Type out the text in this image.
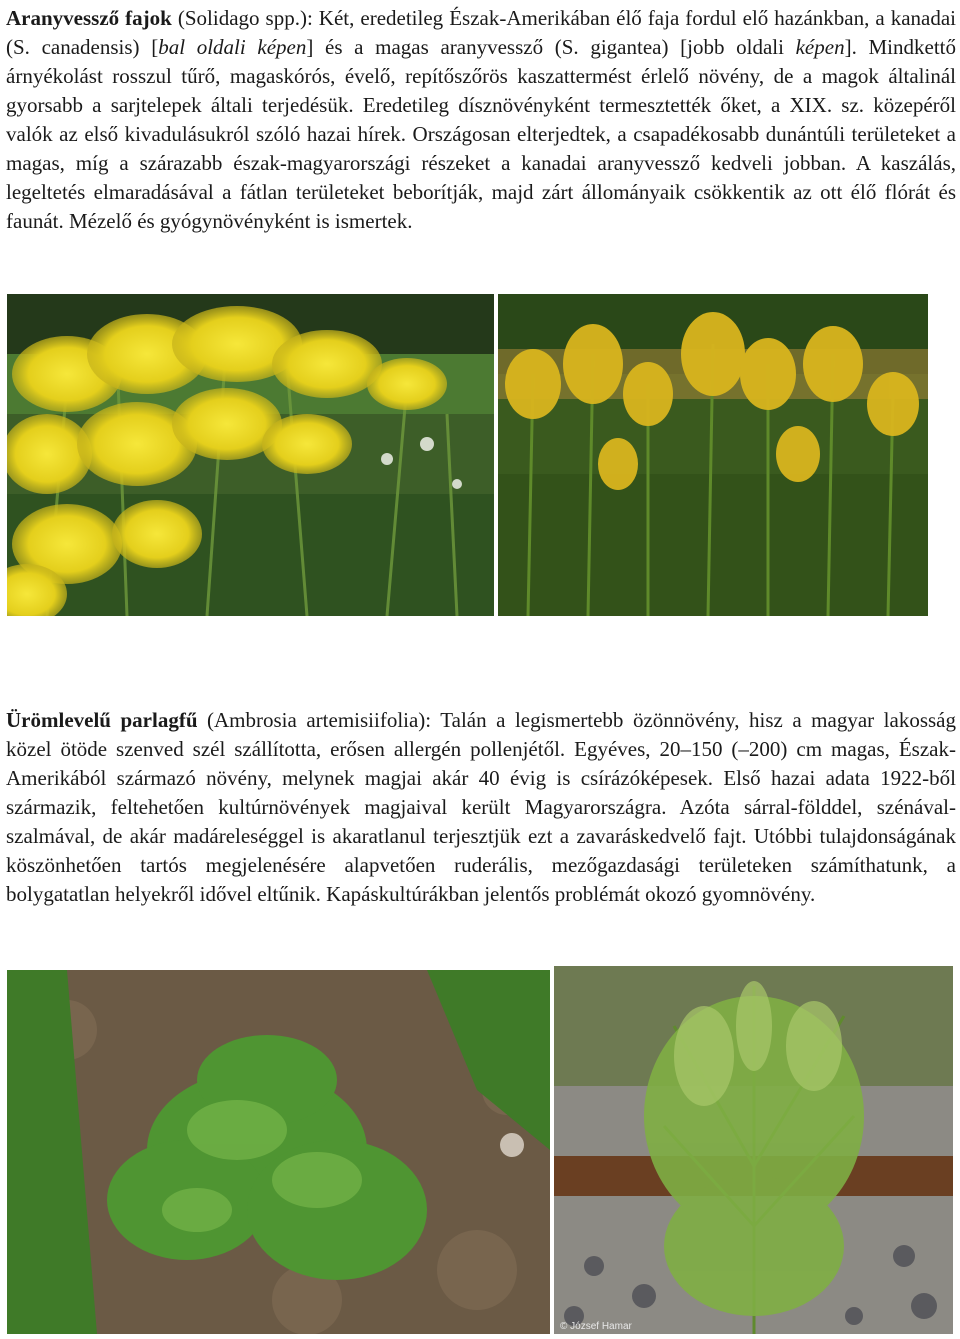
Aranyvessző fajok (Solidago spp.): Két, eredetileg Észak-Amerikában élő faja fordul elő hazánkban, a kanadai (S. canadensis) [bal oldali képen] és a magas aranyvessző (S. gigantea) [jobb oldali képen]. Mindkettő árnyékolást rosszul tűrő, magaskórós, évelő, repítőszőrös kaszattermést érlelő növény, de a magok általinál gyorsabb a sarjtelepek általi terjedésük. Eredetileg dísznövényként termesztették őket, a XIX. sz. közepéről valók az első kivadulásukról szóló hazai hírek. Országosan elterjedtek, a csapadékosabb dunántúli területeket a magas, míg a szárazabb észak-magyarországi részeket a kanadai aranyvessző kedveli jobban. A kaszálás, legeltetés elmaradásával a fátlan területeket beborítják, majd zárt állományaik csökkentik az ott élő flórát és faunát. Mézelő és gyógynövényként is ismertek.

Ürömlevelű parlagfű (Ambrosia artemisiifolia): Talán a legismertebb özönnövény, hisz a magyar lakosság közel ötöde szenved szél szállította, erősen allergén pollenjétől. Egyéves, 20–150 (–200) cm magas, Észak-Amerikából származó növény, melynek magjai akár 40 évig is csírázóképesek. Első hazai adata 1922-ből származik, feltehetően kultúrnövények magjaival került Magyarországra. Azóta sárral-földdel, szénával-szalmával, de akár madáreleséggel is akaratlanul terjesztjük ezt a zavaráskedvelő fajt. Utóbbi tulajdonságának köszönhetően tartós megjelenésére alapvetően ruderális, mezőgazdasági területeken számíthatunk, a bolygatatlan helyekről idővel eltűnik. Kapáskultúrákban jelentős problémát okozó gyomnövény.

© József Hamar
